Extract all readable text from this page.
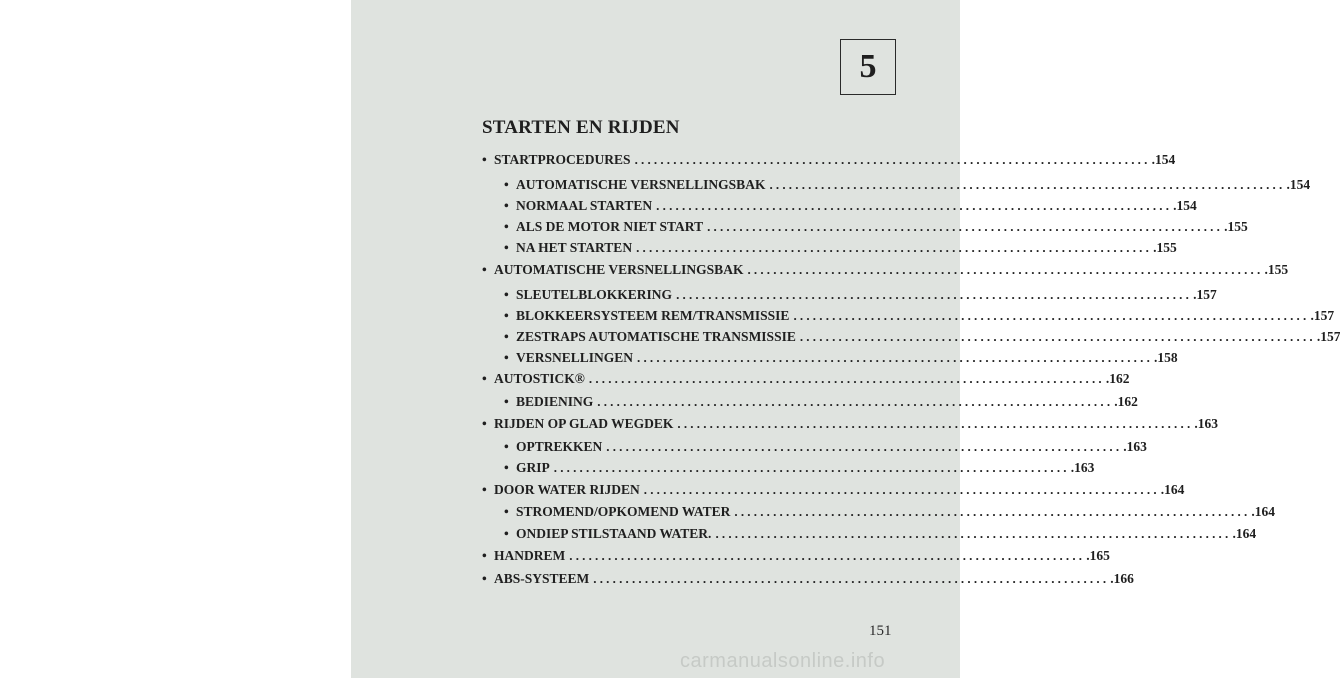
5
STARTEN EN RIJDEN
• STARTPROCEDURES ................................................................................ .154
• AUTOMATISCHE VERSNELLINGSBAK ................................................................................ .154
• NORMAAL STARTEN ................................................................................ .154
• ALS DE MOTOR NIET START ................................................................................ .155
• NA HET STARTEN ................................................................................ .155
• AUTOMATISCHE VERSNELLINGSBAK ................................................................................ .155
• SLEUTELBLOKKERING ................................................................................ .157
• BLOKKEERSYSTEEM REM/TRANSMISSIE ................................................................................ .157
• ZESTRAPS AUTOMATISCHE TRANSMISSIE ................................................................................ .157
• VERSNELLINGEN ................................................................................ .158
• AUTOSTICK® ................................................................................ .162
• BEDIENING ................................................................................ .162
• RIJDEN OP GLAD WEGDEK ................................................................................ .163
• OPTREKKEN ................................................................................ .163
• GRIP ................................................................................ .163
• DOOR WATER RIJDEN ................................................................................ .164
• STROMEND/OPKOMEND WATER ................................................................................ .164
• ONDIEP STILSTAAND WATER. ................................................................................ .164
• HANDREM ................................................................................ .165
• ABS-SYSTEEM ................................................................................ .166
151
carmanualsonline.info
